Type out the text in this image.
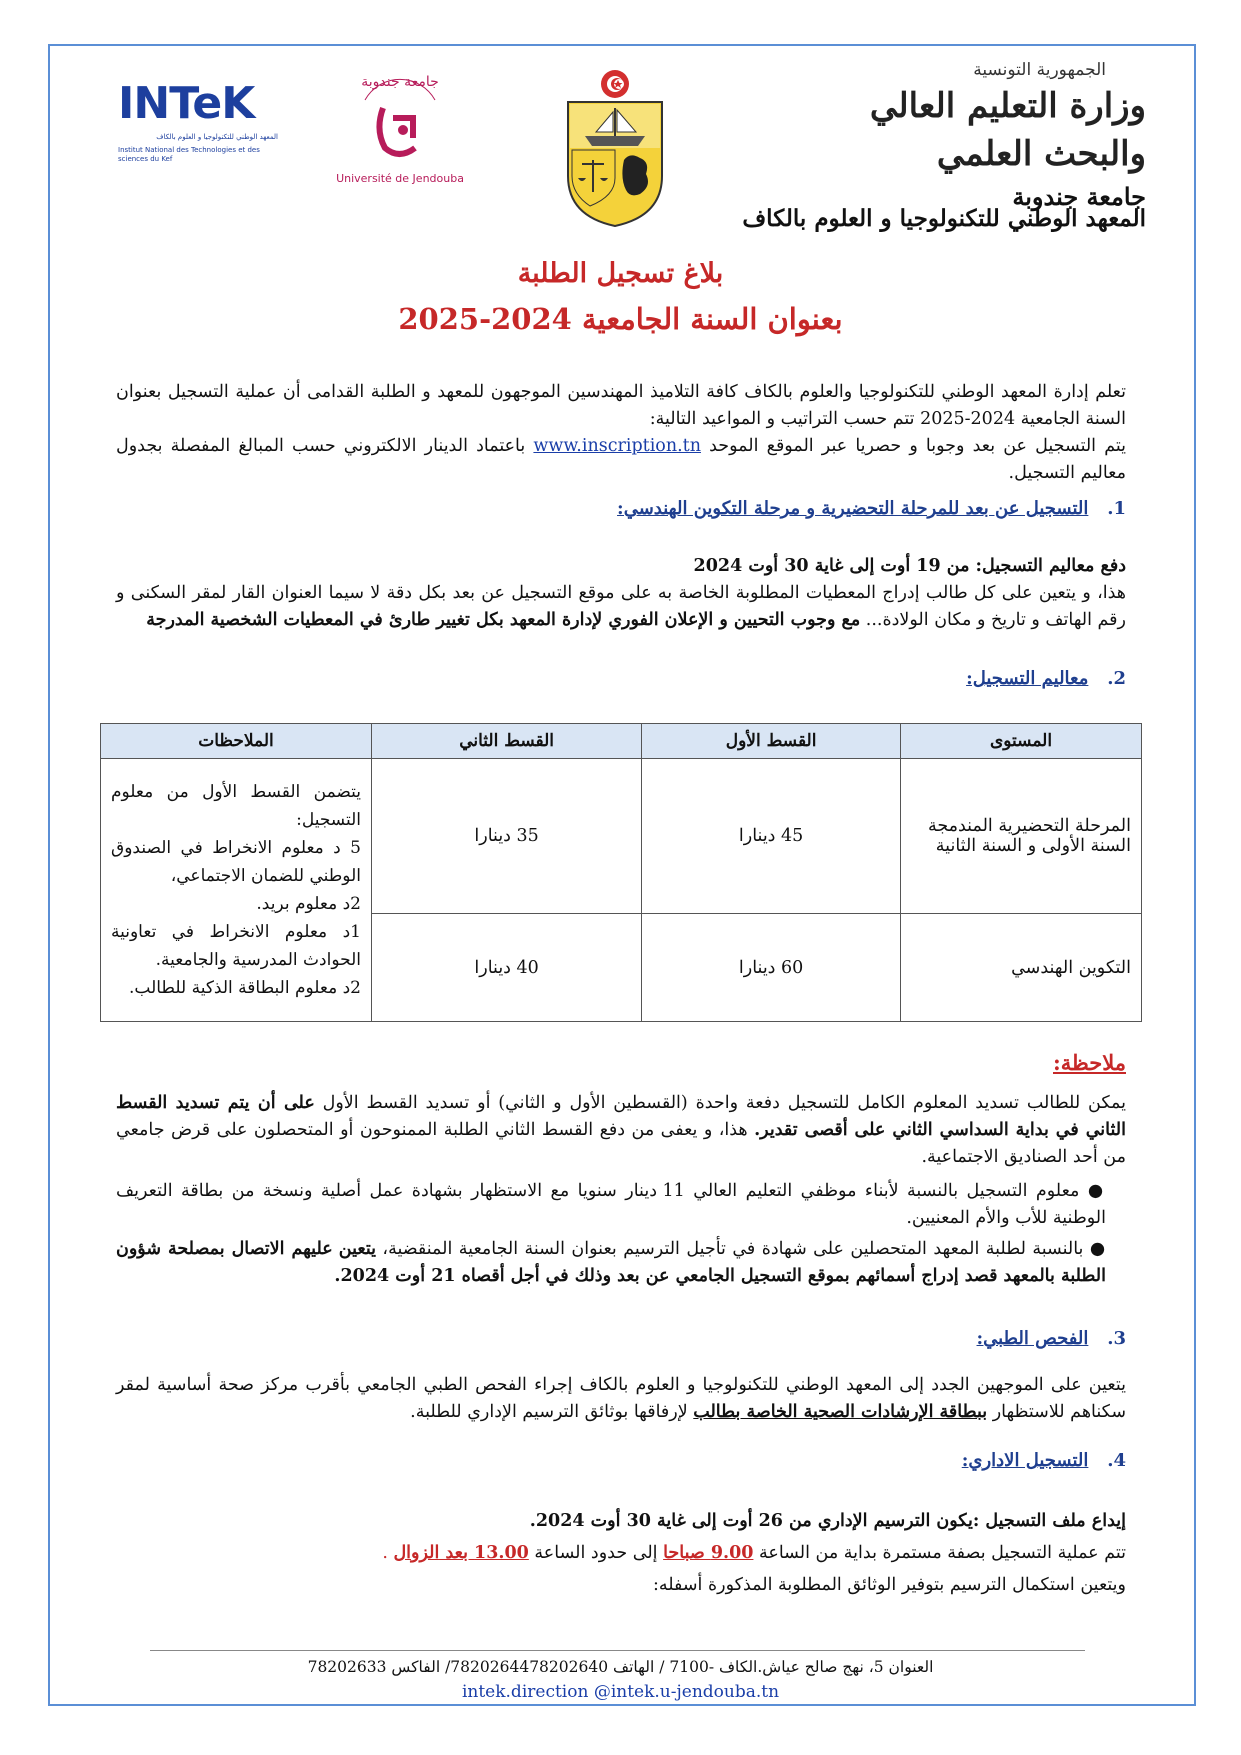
الجمهورية التونسية
وزارة التعليم العالي
والبحث العلمي
جامعة جندوبة
المعهد الوطني للتكنولوجيا و العلوم بالكاف
جامعة جندوبة
Université de Jendouba
INTeK
المعهد الوطني للتكنولوجيا و العلوم بالكاف
Institut National des Technologies et des sciences du Kef
بلاغ تسجيل الطلبة
بعنوان السنة الجامعية 2024-2025
تعلم إدارة المعهد الوطني للتكنولوجيا والعلوم بالكاف كافة التلاميذ المهندسين الموجهون للمعهد و الطلبة القدامى أن عملية التسجيل بعنوان السنة الجامعية 2024-2025 تتم حسب التراتيب و المواعيد التالية:
يتم التسجيل عن بعد وجوبا و حصريا عبر الموقع الموحد www.inscription.tn باعتماد الدينار الالكتروني حسب المبالغ المفصلة بجدول معاليم التسجيل.
1.   التسجيل عن بعد للمرحلة التحضيرية و مرحلة التكوين الهندسي:
دفع معاليم التسجيل: من 19 أوت إلى غاية 30 أوت 2024
هذا، و يتعين على كل طالب إدراج المعطيات المطلوبة الخاصة به على موقع التسجيل عن بعد بكل دقة لا سيما العنوان القار لمقر السكنى و رقم الهاتف و تاريخ و مكان الولادة... مع وجوب التحيين و الإعلان الفوري لإدارة المعهد بكل تغيير طارئ في المعطيات الشخصية المدرجة
2.   معاليم التسجيل:
المستوى	القسط الأول	القسط الثاني	الملاحظات
المرحلة التحضيرية المندمجة السنة الأولى و السنة الثانية	45 دينارا	35 دينارا	يتضمن القسط الأول من معلوم التسجيل:
5 د معلوم الانخراط في الصندوق الوطني للضمان الاجتماعي،
2د معلوم بريد.
1د معلوم الانخراط في تعاونية الحوادث المدرسية والجامعية.
2د معلوم البطاقة الذكية للطالب.

التكوين الهندسي	60 دينارا	40 دينارا	
ملاحظة:
يمكن للطالب تسديد المعلوم الكامل للتسجيل دفعة واحدة (القسطين الأول و الثاني) أو تسديد القسط الأول على أن يتم تسديد القسط الثاني في بداية السداسي الثاني على أقصى تقدير. هذا، و يعفى من دفع القسط الثاني الطلبة الممنوحون أو المتحصلون على قرض جامعي من أحد الصناديق الاجتماعية.
● معلوم التسجيل بالنسبة لأبناء موظفي التعليم العالي 11 دينار سنويا مع الاستظهار بشهادة عمل أصلية ونسخة من بطاقة التعريف الوطنية للأب والأم المعنيين.
● بالنسبة لطلبة المعهد المتحصلين على شهادة في تأجيل الترسيم بعنوان السنة الجامعية المنقضية، يتعين عليهم الاتصال بمصلحة شؤون الطلبة بالمعهد قصد إدراج أسمائهم بموقع التسجيل الجامعي عن بعد وذلك في أجل أقصاه 21 أوت 2024.
3.   الفحص الطبي:
يتعين على الموجهين الجدد إلى المعهد الوطني للتكنولوجيا و العلوم بالكاف إجراء الفحص الطبي الجامعي بأقرب مركز صحة أساسية لمقر سكناهم للاستظهار ببطاقة الإرشادات الصحية الخاصة بطالب لإرفاقها بوثائق الترسيم الإداري للطلبة.
4.   التسجيل الاداري:
إيداع ملف التسجيل :يكون الترسيم الإداري من 26 أوت إلى غاية 30 أوت 2024.
تتم عملية التسجيل بصفة مستمرة بداية من الساعة 9.00 صباحا إلى حدود الساعة 13.00 بعد الزوال .
ويتعين استكمال الترسيم بتوفير الوثائق المطلوبة المذكورة أسفله:
العنوان 5، نهج صالح عياش.الكاف -7100 / الهاتف 7820264478202640/ الفاكس 78202633
intek.direction @intek.u-jendouba.tn
